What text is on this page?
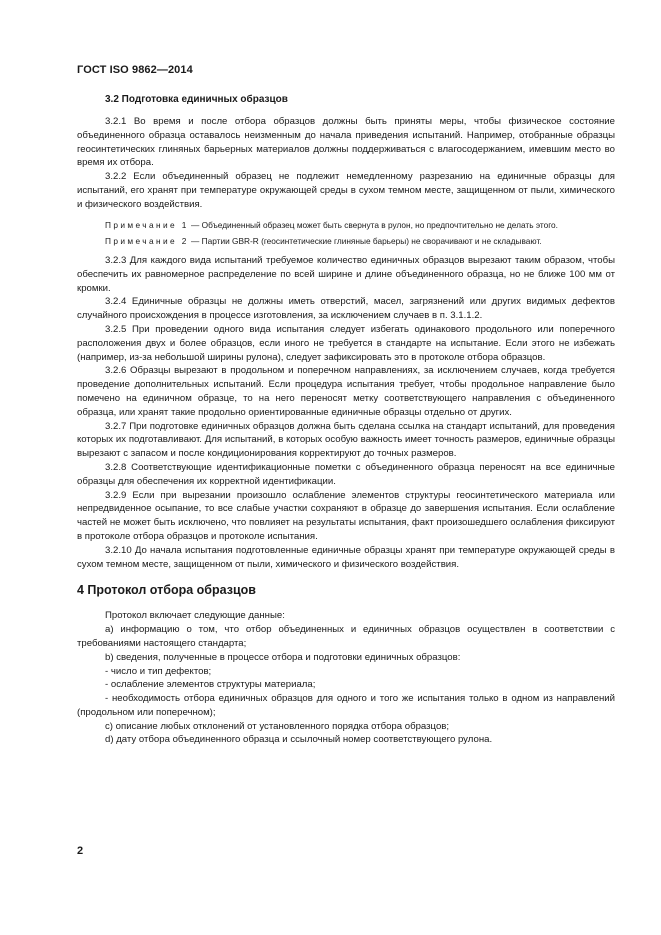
ГОСТ ISO 9862—2014
3.2 Подготовка единичных образцов

3.2.1 Во время и после отбора образцов должны быть приняты меры, чтобы физическое состояние объединенного образца оставалось неизменным до начала приведения испытаний. Например, отобранные образцы геосинтетических глиняных барьерных материалов должны поддерживаться с влагосодержанием, имевшим место во время их отбора.

3.2.2 Если объединенный образец не подлежит немедленному разрезанию на единичные образцы для испытаний, его хранят при температуре окружающей среды в сухом темном месте, защищенном от пыли, химического и физического воздействия.

Примечание 1 — Объединенный образец может быть свернута в рулон, но предпочтительно не делать этого.

Примечание 2 — Партии GBR-R (геосинтетические глиняные барьеры) не сворачивают и не складывают.

3.2.3 Для каждого вида испытаний требуемое количество единичных образцов вырезают таким образом, чтобы обеспечить их равномерное распределение по всей ширине и длине объединенного образца, но не ближе 100 мм от кромки.

3.2.4 Единичные образцы не должны иметь отверстий, масел, загрязнений или других видимых дефектов случайного происхождения в процессе изготовления, за исключением случаев в п. 3.1.1.2.

3.2.5 При проведении одного вида испытания следует избегать одинакового продольного или поперечного расположения двух и более образцов, если иного не требуется в стандарте на испытание. Если этого не избежать (например, из-за небольшой ширины рулона), следует зафиксировать это в протоколе отбора образцов.

3.2.6 Образцы вырезают в продольном и поперечном направлениях, за исключением случаев, когда требуется проведение дополнительных испытаний. Если процедура испытания требует, чтобы продольное направление было помечено на единичном образце, то на него переносят метку соответствующего направления с объединенного образца, или хранят такие продольно ориентированные единичные образцы отдельно от других.

3.2.7 При подготовке единичных образцов должна быть сделана ссылка на стандарт испытаний, для проведения которых их подготавливают. Для испытаний, в которых особую важность имеет точность размеров, единичные образцы вырезают с запасом и после кондиционирования корректируют до точных размеров.

3.2.8 Соответствующие идентификационные пометки с объединенного образца переносят на все единичные образцы для обеспечения их корректной идентификации.

3.2.9 Если при вырезании произошло ослабление элементов структуры геосинтетического материала или непредвиденное осыпание, то все слабые участки сохраняют в образце до завершения испытания. Если ослабление частей не может быть исключено, что повлияет на результаты испытания, факт произошедшего ослабления фиксируют в протоколе отбора образцов и протоколе испытания.

3.2.10 До начала испытания подготовленные единичные образцы хранят при температуре окружающей среды в сухом темном месте, защищенном от пыли, химического и физического воздействия.

4 Протокол отбора образцов

Протокол включает следующие данные:

a) информацию о том, что отбор объединенных и единичных образцов осуществлен в соответствии с требованиями настоящего стандарта;

b) сведения, полученные в процессе отбора и подготовки единичных образцов:

- число и тип дефектов;

- ослабление элементов структуры материала;

- необходимость отбора единичных образцов для одного и того же испытания только в одном из направлений (продольном или поперечном);

c) описание любых отклонений от установленного порядка отбора образцов;

d) дату отбора объединенного образца и ссылочный номер соответствующего рулона.

2
